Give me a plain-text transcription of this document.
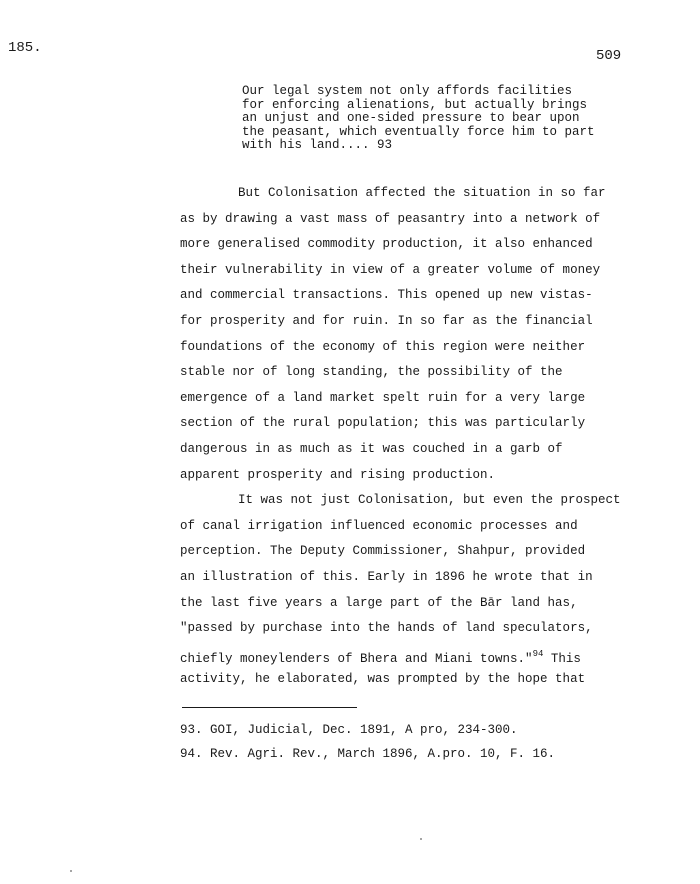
185.	509
Our legal system not only affords facilities
for enforcing alienations, but actually brings
an unjust and one-sided pressure to bear upon
the peasant, which eventually force him to part
with his land.... 93
But Colonisation affected the situation in so far
as by drawing a vast mass of peasantry into a network of
more generalised commodity production, it also enhanced
their vulnerability in view of a greater volume of money
and commercial transactions. This opened up new vistas-
for prosperity and for ruin. In so far as the financial
foundations of the economy of this region were neither
stable nor of long standing, the possibility of the
emergence of a land market spelt ruin for a very large
section of the rural population; this was particularly
dangerous in as much as it was couched in a garb of
apparent prosperity and rising production.
It was not just Colonisation, but even the prospect
of canal irrigation influenced economic processes and
perception. The Deputy Commissioner, Shahpur, provided
an illustration of this. Early in 1896 he wrote that in
the last five years a large part of the Bār land has,
"passed by purchase into the hands of land speculators,
chiefly moneylenders of Bhera and Miani towns."$^{94}$ This
activity, he elaborated, was prompted by the hope that
93. GOI, Judicial, Dec. 1891, A pro, 234-300.
94. Rev. Agri. Rev., March 1896, A.pro. 10, F. 16.
